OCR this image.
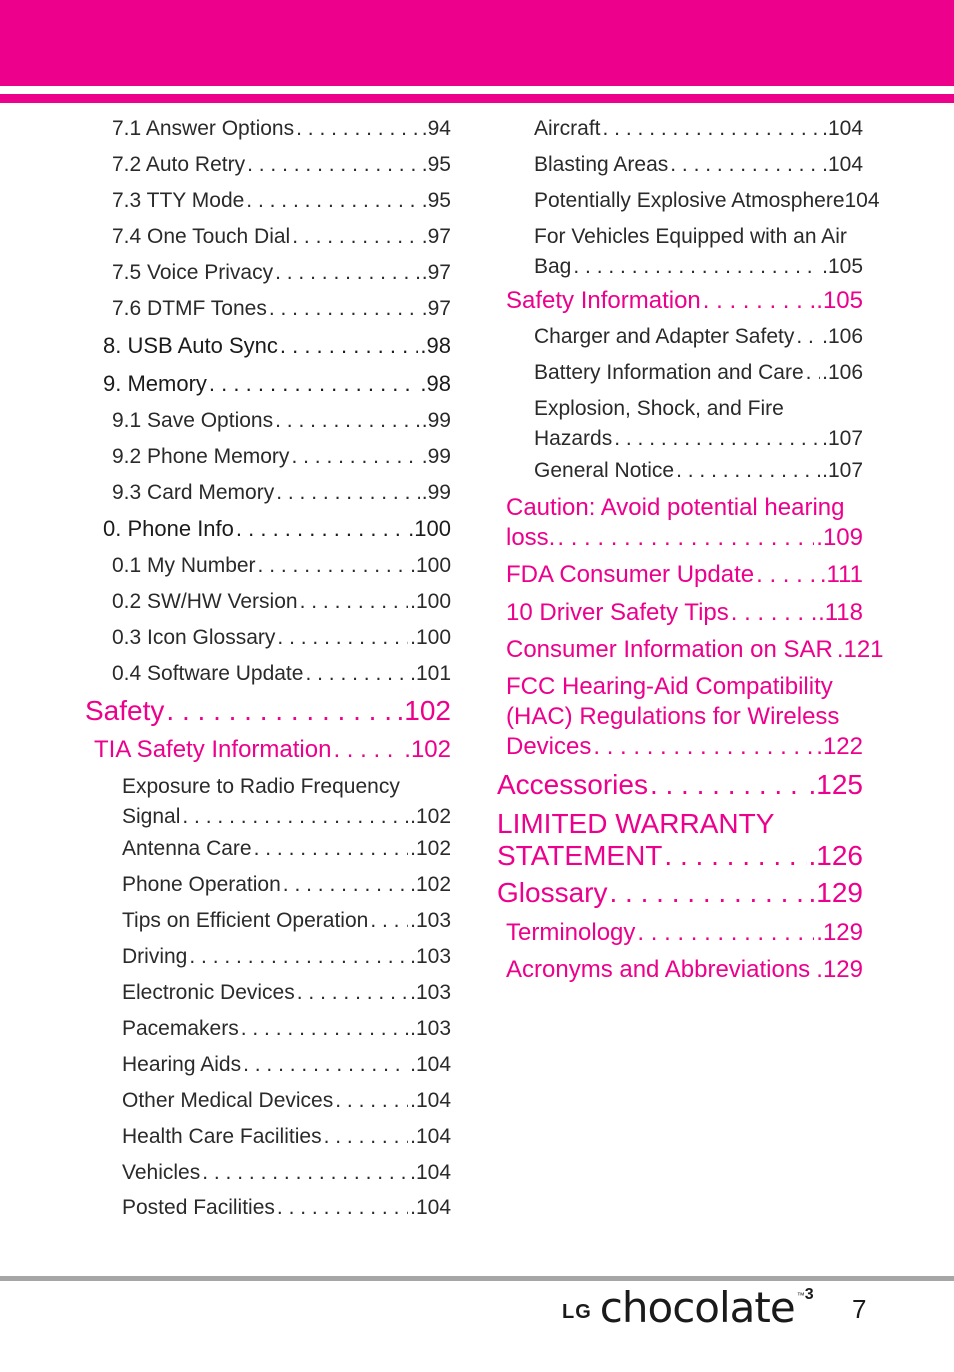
7.1 Answer Options . . .	.94
7.2 Auto Retry . . .	.95
7.3 TTY Mode . . .	.95
7.4 One Touch Dial . . .	.97
7.5 Voice Privacy . . .	.97
7.6 DTMF Tones . . .	.97
8. USB Auto Sync . . .	.98
9. Memory . . .	.98
9.1 Save Options . . .	.99
9.2 Phone Memory . . .	.99
9.3 Card Memory . . .	.99
0. Phone Info . . .	.100
0.1 My Number . . .	.100
0.2 SW/HW Version . . .	.100
0.3 Icon Glossary . . .	.100
0.4 Software Update . . .	.101
Safety . . .	.102
TIA Safety Information . . .	.102
Exposure to Radio Frequency
Signal . . .	.102
Antenna Care . . .	.102
Phone Operation . . .	.102
Tips on Efficient Operation . . . .103
Driving . . .	.103
Electronic Devices . . .	.103
Pacemakers . . .	.103
Hearing Aids . . .	.104
Other Medical Devices . . .	.104
Health Care Facilities . . .	.104
Vehicles . . .	.104
Posted Facilities . . .	.104
Aircraft . . .	.104
Blasting Areas . . .	.104
Potentially Explosive Atmosphere 104
For Vehicles Equipped with an Air
Bag . . .	.105
Safety Information . . .	.105
Charger and Adapter Safety . . . .106
Battery Information and Care . . . .106
Explosion, Shock, and Fire
Hazards . . .	.107
General Notice . . .	.107
Caution: Avoid potential hearing
loss. . . .	.109
FDA Consumer Update . . .	.111
10 Driver Safety Tips . . .	.118
Consumer Information on SAR .121
FCC Hearing-Aid Compatibility
(HAC) Regulations for Wireless
Devices . . .	.122
Accessories . . .	.125
LIMITED WARRANTY
STATEMENT . . .	.126
Glossary . . .	.129
Terminology . . .	.129
Acronyms and Abbreviations . . . .129
LG chocolate ™ 3 7
